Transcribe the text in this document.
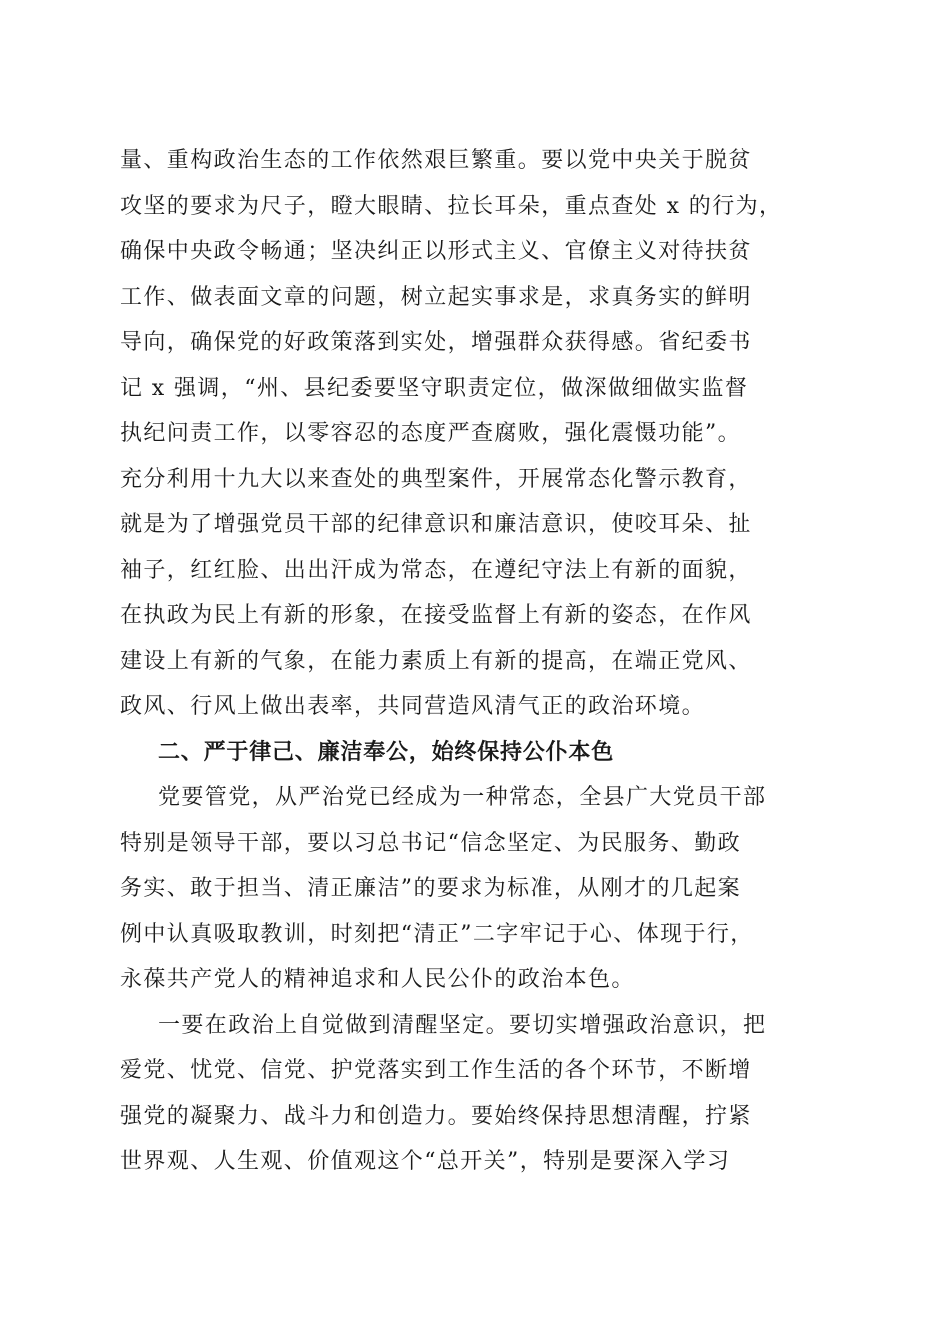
量、重构政治生态的工作依然艰巨繁重。要以党中央关于脱贫
攻坚的要求为尺子，瞪大眼睛、拉长耳朵，重点查处 x 的行为，
确保中央政令畅通；坚决纠正以形式主义、官僚主义对待扶贫
工作、做表面文章的问题，树立起实事求是，求真务实的鲜明
导向，确保党的好政策落到实处，增强群众获得感。省纪委书
记 x 强调，“州、县纪委要坚守职责定位，做深做细做实监督
执纪问责工作，以零容忍的态度严查腐败，强化震慑功能”。
充分利用十九大以来查处的典型案件，开展常态化警示教育，
就是为了增强党员干部的纪律意识和廉洁意识，使咬耳朵、扯
袖子，红红脸、出出汗成为常态，在遵纪守法上有新的面貌，
在执政为民上有新的形象，在接受监督上有新的姿态，在作风
建设上有新的气象，在能力素质上有新的提高，在端正党风、
政风、行风上做出表率，共同营造风清气正的政治环境。
二、严于律己、廉洁奉公，始终保持公仆本色
党要管党，从严治党已经成为一种常态，全县广大党员干部
特别是领导干部，要以习总书记“信念坚定、为民服务、勤政
务实、敢于担当、清正廉洁”的要求为标准，从刚才的几起案
例中认真吸取教训，时刻把“清正”二字牢记于心、体现于行，
永葆共产党人的精神追求和人民公仆的政治本色。
一要在政治上自觉做到清醒坚定。要切实增强政治意识，把
爱党、忧党、信党、护党落实到工作生活的各个环节，不断增
强党的凝聚力、战斗力和创造力。要始终保持思想清醒，拧紧
世界观、人生观、价值观这个“总开关”，特别是要深入学习
